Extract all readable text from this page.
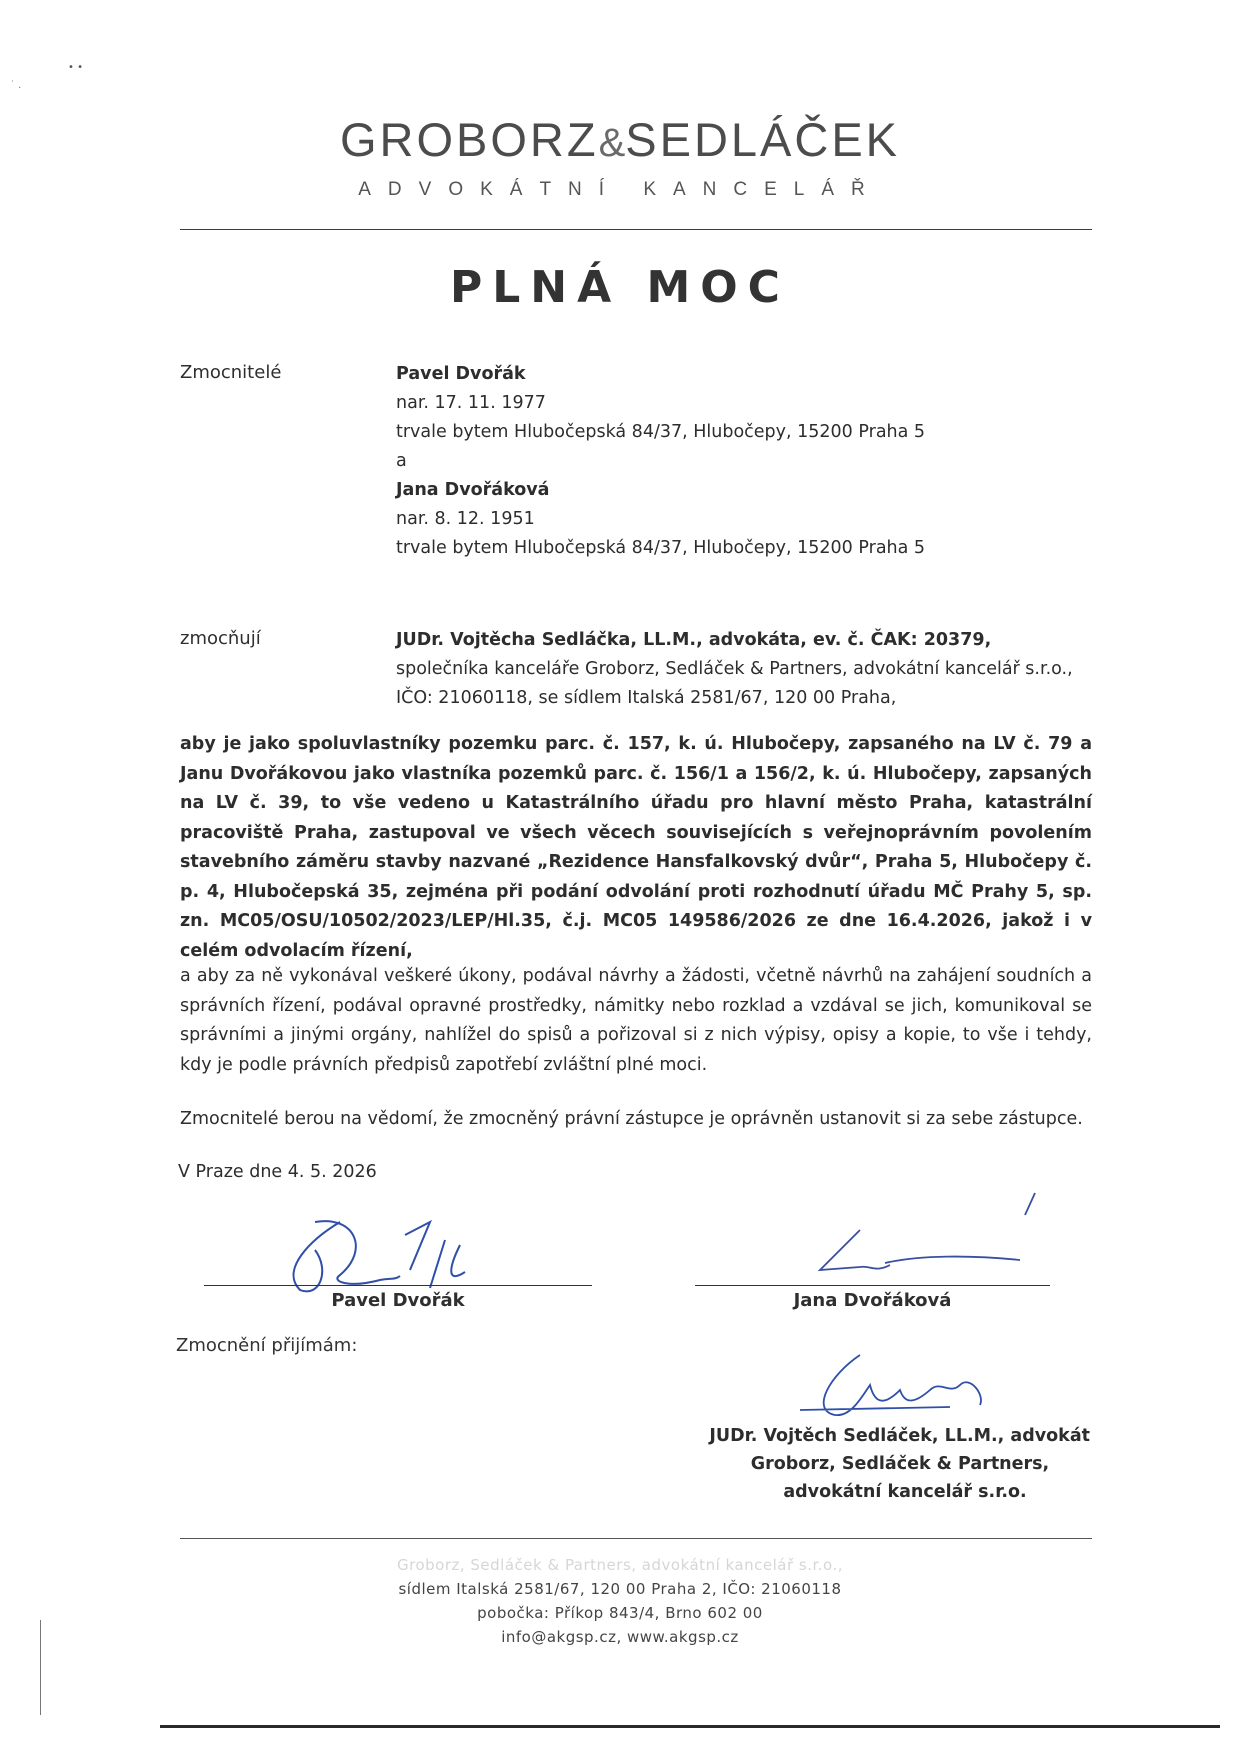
• •
˙ .
GROBORZ&SEDLÁČEK
ADVOKÁTNÍ KANCELÁŘ
PLNÁ MOC
Zmocnitelé	Pavel Dvořák
nar. 17. 11. 1977
trvale bytem Hlubočepská 84/37, Hlubočepy, 15200 Praha 5
a
Jana Dvořáková
nar. 8. 12. 1951
trvale bytem Hlubočepská 84/37, Hlubočepy, 15200 Praha 5
zmocňují	JUDr. Vojtěcha Sedláčka, LL.M., advokáta, ev. č. ČAK: 20379,
společníka kanceláře Groborz, Sedláček & Partners, advokátní kancelář s.r.o.,
IČO: 21060118, se sídlem Italská 2581/67, 120 00 Praha,
aby je jako spoluvlastníky pozemku parc. č. 157, k. ú. Hlubočepy, zapsaného na LV č. 79 a Janu Dvořákovou jako vlastníka pozemků parc. č. 156/1 a 156/2, k. ú. Hlubočepy, zapsaných na LV č. 39, to vše vedeno u Katastrálního úřadu pro hlavní město Praha, katastrální pracoviště Praha, zastupoval ve všech věcech souvisejících s veřejnoprávním povolením stavebního záměru stavby nazvané „Rezidence Hansfalkovský dvůr“, Praha 5, Hlubočepy č. p. 4, Hlubočepská 35, zejména při podání odvolání proti rozhodnutí úřadu MČ Prahy 5, sp. zn. MC05/OSU/10502/2023/LEP/Hl.35, č.j. MC05 149586/2026 ze dne 16.4.2026, jakož i v celém odvolacím řízení,
a aby za ně vykonával veškeré úkony, podával návrhy a žádosti, včetně návrhů na zahájení soudních a správních řízení, podával opravné prostředky, námitky nebo rozklad a vzdával se jich, komunikoval se správními a jinými orgány, nahlížel do spisů a pořizoval si z nich výpisy, opisy a kopie, to vše i tehdy, kdy je podle právních předpisů zapotřebí zvláštní plné moci.
Zmocnitelé berou na vědomí, že zmocněný právní zástupce je oprávněn ustanovit si za sebe zástupce.
V Praze dne 4. 5. 2026
Pavel Dvořák	Jana Dvořáková
Zmocnění přijímám:
JUDr. Vojtěch Sedláček, LL.M., advokát
Groborz, Sedláček & Partners,
advokátní kancelář s.r.o.
Groborz, Sedláček & Partners, advokátní kancelář s.r.o.,
sídlem Italská 2581/67, 120 00 Praha 2, IČO: 21060118
pobočka: Příkop 843/4, Brno 602 00
info@akgsp.cz, www.akgsp.cz
